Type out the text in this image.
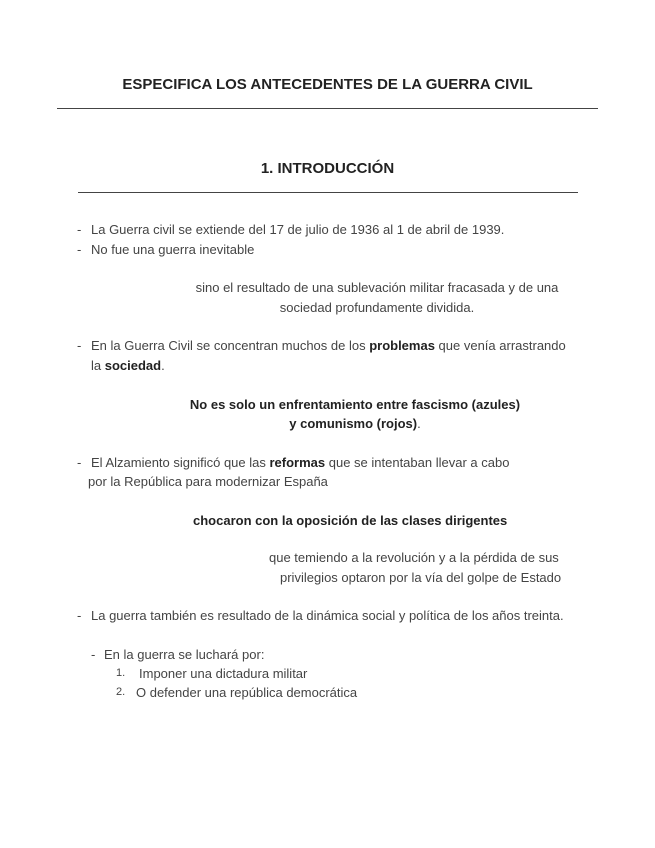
ESPECIFICA LOS ANTECEDENTES DE LA GUERRA CIVIL
1. INTRODUCCIÓN
- La Guerra civil se extiende del 17 de julio de 1936 al 1 de abril de 1939.
- No fue una guerra inevitable
sino el resultado de una sublevación militar fracasada y de una
sociedad profundamente dividida.
- En la Guerra Civil se concentran muchos de los problemas que venía arrastrando
la sociedad.
No es solo un enfrentamiento entre fascismo (azules)
y comunismo (rojos).
- El Alzamiento significó que las reformas que se intentaban llevar a cabo
por la República para modernizar España
chocaron con la oposición de las clases dirigentes
que temiendo a la revolución y a la pérdida de sus
privilegios optaron por la vía del golpe de Estado
- La guerra también es resultado de la dinámica social y política de los años treinta.
- En la guerra se luchará por:
1. Imponer una dictadura militar
2. O defender una república democrática
